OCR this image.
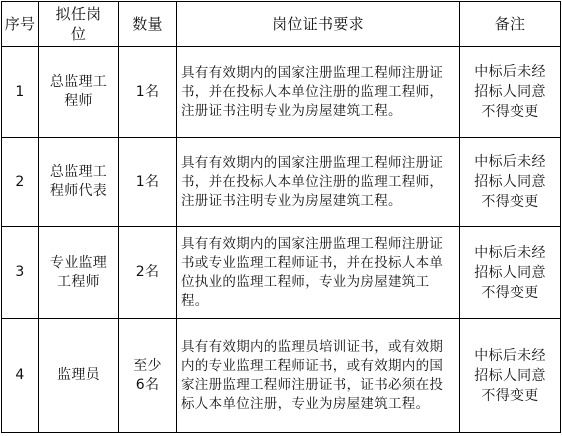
序号	拟任岗位	数量	岗位证书要求	备注
1	总监理工程师	1名	具有有效期内的国家注册监理工程师注册证书，并在投标人本单位注册的监理工程师，注册证书注明专业为房屋建筑工程。	中标后未经招标人同意不得变更
2	总监理工程师代表	1名	具有有效期内的国家注册监理工程师注册证书，并在投标人本单位注册的监理工程师，注册证书注明专业为房屋建筑工程。	中标后未经招标人同意不得变更
3	专业监理工程师	2名	具有有效期内的国家注册监理工程师注册证书或专业监理工程师证书，并在投标人本单位执业的监理工程师，专业为房屋建筑工程。	中标后未经招标人同意不得变更
4	监理员	至少6名	具有有效期内的监理员培训证书，或有效期内的专业监理工程师证书，或有效期内的国家注册监理工程师注册证书，证书必须在投标人本单位注册，专业为房屋建筑工程。	中标后未经招标人同意不得变更
